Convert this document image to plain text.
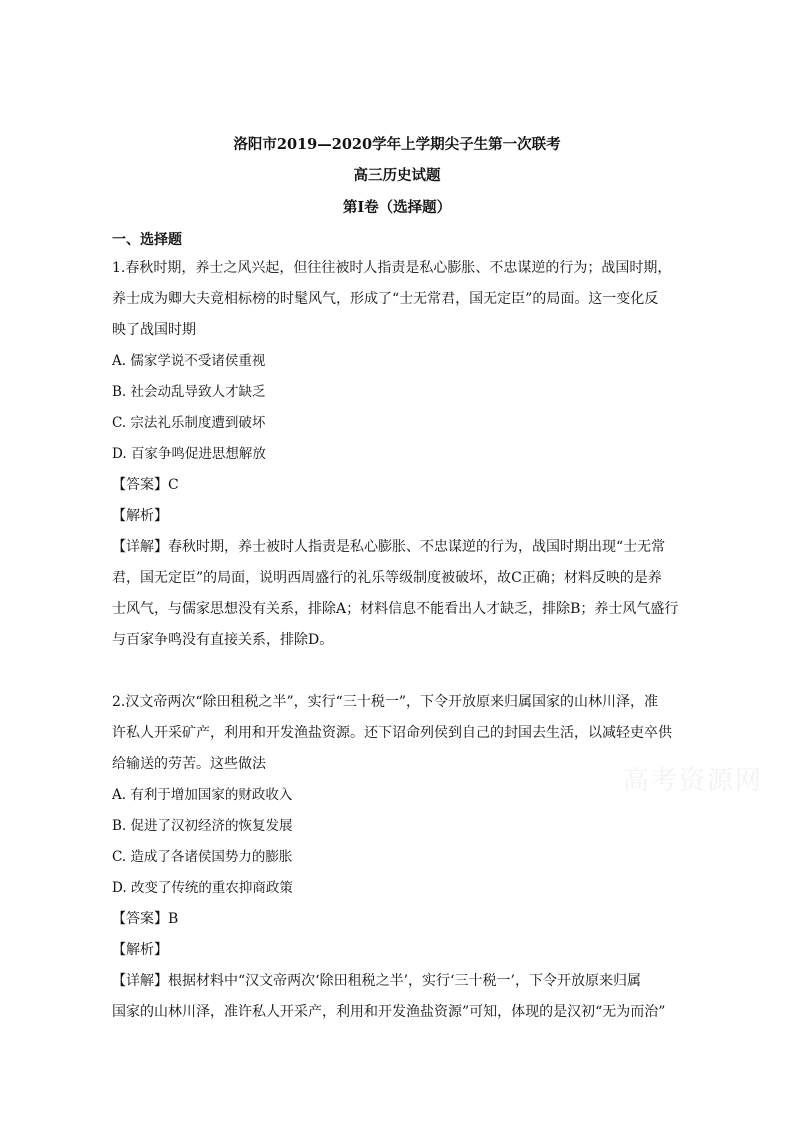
洛阳市2019—2020学年上学期尖子生第一次联考
高三历史试题
第I卷（选择题）
一、选择题

1.春秋时期，养士之风兴起，但往往被时人指责是私心膨胀、不忠谋逆的行为；战国时期，

养士成为卿大夫竟相标榜的时髦风气，形成了“士无常君，国无定臣”的局面。这一变化反

映了战国时期

A. 儒家学说不受诸侯重视

B. 社会动乱导致人才缺乏

C. 宗法礼乐制度遭到破坏

D. 百家争鸣促进思想解放

【答案】C

【解析】

【详解】春秋时期，养士被时人指责是私心膨胀、不忠谋逆的行为，战国时期出现“士无常

君，国无定臣”的局面，说明西周盛行的礼乐等级制度被破坏，故C正确；材料反映的是养

士风气，与儒家思想没有关系，排除A；材料信息不能看出人才缺乏，排除B；养士风气盛行

与百家争鸣没有直接关系，排除D。

2.汉文帝两次“除田租税之半”，实行“三十税一”，下令开放原来归属国家的山林川泽，准

许私人开采矿产，利用和开发渔盐资源。还下诏命列侯到自己的封国去生活，以减轻吏卒供

给输送的劳苦。这些做法

A. 有利于增加国家的财政收入

B. 促进了汉初经济的恢复发展

C. 造成了各诸侯国势力的膨胀

D. 改变了传统的重农抑商政策

【答案】B

【解析】

【详解】根据材料中“汉文帝两次‘除田租税之半’，实行‘三十税一’，下令开放原来归属

国家的山林川泽，准许私人开采产，利用和开发渔盐资源”可知，体现的是汉初“无为而治”

高考资源网
